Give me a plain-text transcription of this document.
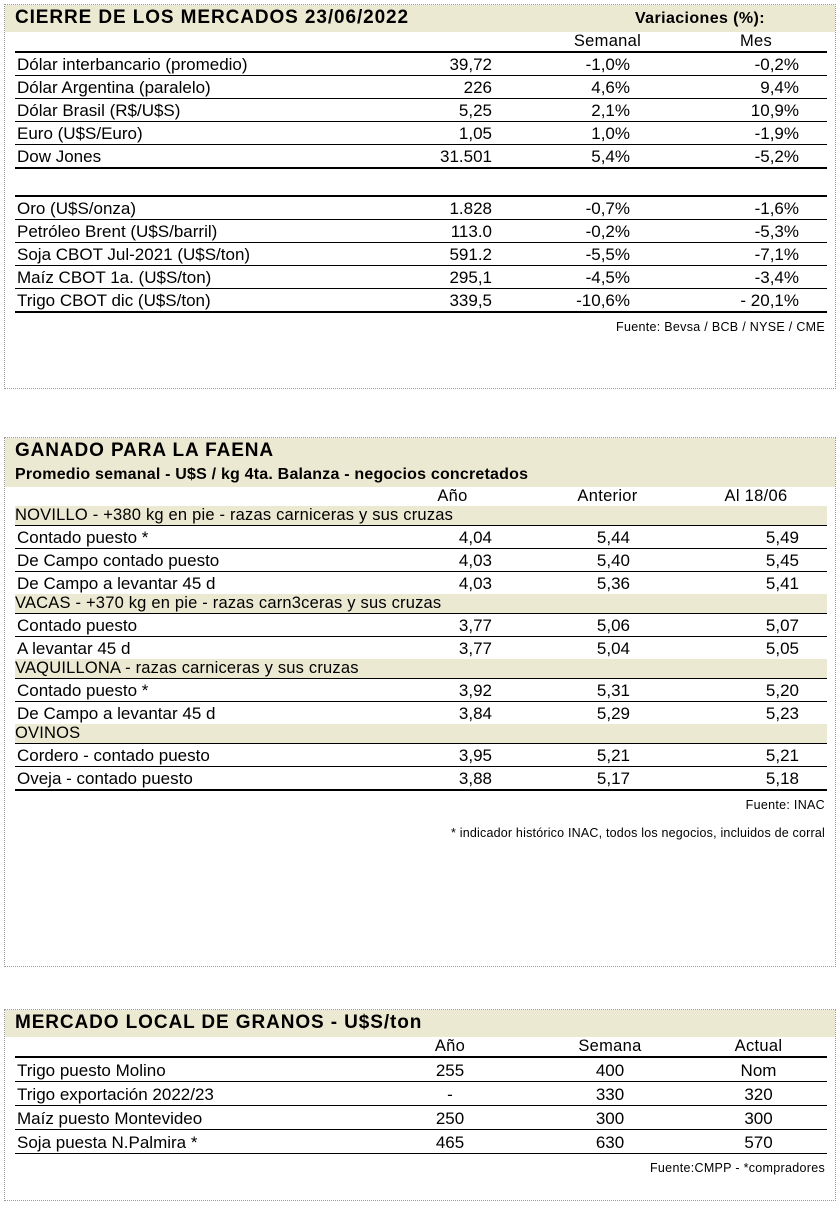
CIERRE DE LOS MERCADOS 23/06/2022	Variaciones (%):
		Semanal	Mes
Dólar interbancario (promedio)	39,72	-1,0%	-0,2%
Dólar Argentina (paralelo)	226	4,6%	9,4%
Dólar Brasil (R$/U$S)	5,25	2,1%	10,9%
Euro (U$S/Euro)	1,05	1,0%	-1,9%
Dow Jones	31.501	5,4%	-5,2%

Oro (U$S/onza)	1.828	-0,7%	-1,6%
Petróleo Brent (U$S/barril)	113.0	-0,2%	-5,3%
Soja CBOT Jul-2021 (U$S/ton)	591.2	-5,5%	-7,1%
Maíz CBOT 1a. (U$S/ton)	295,1	-4,5%	-3,4%
Trigo CBOT dic (U$S/ton)	339,5	-10,6%	- 20,1%

Fuente: Bevsa / BCB / NYSE / CME
GANADO PARA LA FAENA
Promedio semanal - U$S / kg 4ta. Balanza - negocios concretados
	Año	Anterior	Al 18/06
NOVILLO - +380 kg en pie - razas carniceras y sus cruzas			
Contado puesto *	4,04	5,44	5,49
De Campo contado puesto	4,03	5,40	5,45
De Campo a levantar 45 d	4,03	5,36	5,41
VACAS - +370 kg en pie - razas carn3ceras y sus cruzas			
Contado puesto	3,77	5,06	5,07
A levantar 45 d	3,77	5,04	5,05
VAQUILLONA - razas carniceras y sus cruzas			
Contado puesto *	3,92	5,31	5,20
De Campo a levantar 45 d	3,84	5,29	5,23
OVINOS			
Cordero - contado puesto	3,95	5,21	5,21
Oveja - contado puesto	3,88	5,17	5,18

Fuente: INAC
* indicador histórico INAC, todos los negocios, incluidos de corral
MERCADO LOCAL DE GRANOS - U$S/ton
	Año	Semana	Actual
Trigo puesto Molino	255	400	Nom
Trigo exportación 2022/23	-	330	320
Maíz puesto Montevideo	250	300	300
Soja puesta N.Palmira *	465	630	570
Fuente:CMPP - *compradores
